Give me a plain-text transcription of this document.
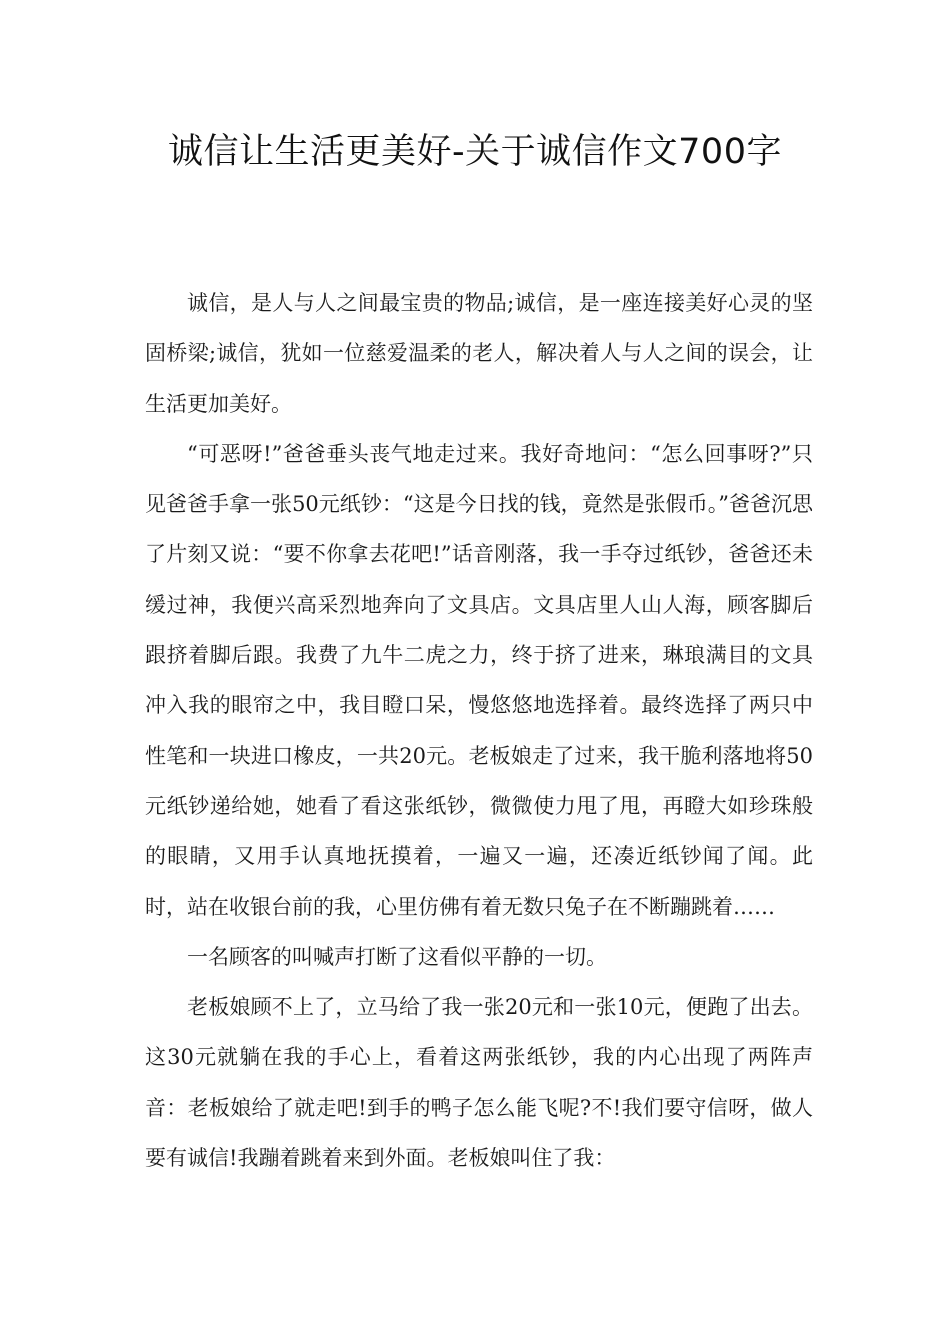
诚信让生活更美好-关于诚信作文700字

诚信，是人与人之间最宝贵的物品;诚信，是一座连接美好心灵的坚固桥梁;诚信，犹如一位慈爱温柔的老人，解决着人与人之间的误会，让生活更加美好。

“可恶呀!”爸爸垂头丧气地走过来。我好奇地问：“怎么回事呀?”只见爸爸手拿一张50元纸钞：“这是今日找的钱，竟然是张假币。”爸爸沉思了片刻又说：“要不你拿去花吧!”话音刚落，我一手夺过纸钞，爸爸还未缓过神，我便兴高采烈地奔向了文具店。文具店里人山人海，顾客脚后跟挤着脚后跟。我费了九牛二虎之力，终于挤了进来，琳琅满目的文具冲入我的眼帘之中，我目瞪口呆，慢悠悠地选择着。最终选择了两只中性笔和一块进口橡皮，一共20元。老板娘走了过来，我干脆利落地将50元纸钞递给她，她看了看这张纸钞，微微使力甩了甩，再瞪大如珍珠般的眼睛，又用手认真地抚摸着，一遍又一遍，还凑近纸钞闻了闻。此时，站在收银台前的我，心里仿佛有着无数只兔子在不断蹦跳着……

一名顾客的叫喊声打断了这看似平静的一切。

老板娘顾不上了，立马给了我一张20元和一张10元，便跑了出去。这30元就躺在我的手心上，看着这两张纸钞，我的内心出现了两阵声音：老板娘给了就走吧!到手的鸭子怎么能飞呢?不!我们要守信呀，做人要有诚信!我蹦着跳着来到外面。老板娘叫住了我：
